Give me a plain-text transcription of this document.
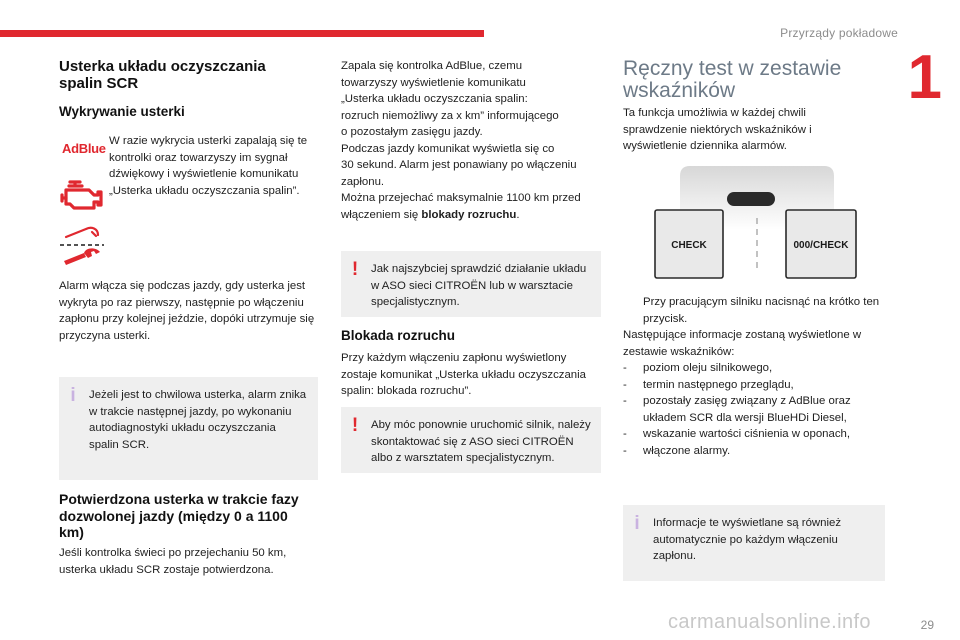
Przyrządy pokładowe
1
Usterka układu oczyszczania spalin SCR
Wykrywanie usterki
W razie wykrycia usterki zapalają się te kontrolki oraz towarzyszy im sygnał dźwiękowy i wyświetlenie komunikatu „Usterka układu oczyszczania spalin”.
Alarm włącza się podczas jazdy, gdy usterka jest wykryta po raz pierwszy, następnie po włączeniu zapłonu przy kolejnej jeździe, dopóki utrzymuje się przyczyna usterki.
Potwierdzona usterka w trakcie fazy dozwolonej jazdy (między 0 a 1100 km)
Jeśli kontrolka świeci po przejechaniu 50 km, usterka układu SCR zostaje potwierdzona.
AdBlue
i Jeżeli jest to chwilowa usterka, alarm znika w trakcie następnej jazdy, po wykonaniu autodiagnostyki układu oczyszczania spalin SCR.
Zapala się kontrolka AdBlue, czemu
towarzyszy wyświetlenie komunikatu
„Usterka układu oczyszczania spalin:
rozruch niemożliwy za x km” informującego
o pozostałym zasięgu jazdy.
Podczas jazdy komunikat wyświetla się co
30 sekund. Alarm jest ponawiany po włączeniu
zapłonu.
Można przejechać maksymalnie 1100 km przed
włączeniem się blokady rozruchu.
Blokada rozruchu
Przy każdym włączeniu zapłonu wyświetlony zostaje komunikat „Usterka układu oczyszczania spalin: blokada rozruchu”.
! Jak najszybciej sprawdzić działanie układu w ASO sieci CITROËN lub w warsztacie specjalistycznym.
! Aby móc ponownie uruchomić silnik, należy skontaktować się z ASO sieci CITROËN albo z warsztatem specjalistycznym.
Ręczny test w zestawie wskaźników
Ta funkcja umożliwia w każdej chwili sprawdzenie niektórych wskaźników i wyświetlenie dziennika alarmów.
Przy pracującym silniku nacisnąć na krótko ten przycisk.
Następujące informacje zostaną wyświetlone w zestawie wskaźników:
-	poziom oleju silnikowego,
-	termin następnego przeglądu,
-	pozostały zasięg związany z AdBlue oraz układem SCR dla wersji BlueHDi Diesel,
-	wskazanie wartości ciśnienia w oponach,
-	włączone alarmy.
CHECK	000/CHECK
i Informacje te wyświetlane są również automatycznie po każdym włączeniu zapłonu.
carmanualsonline.info	29
